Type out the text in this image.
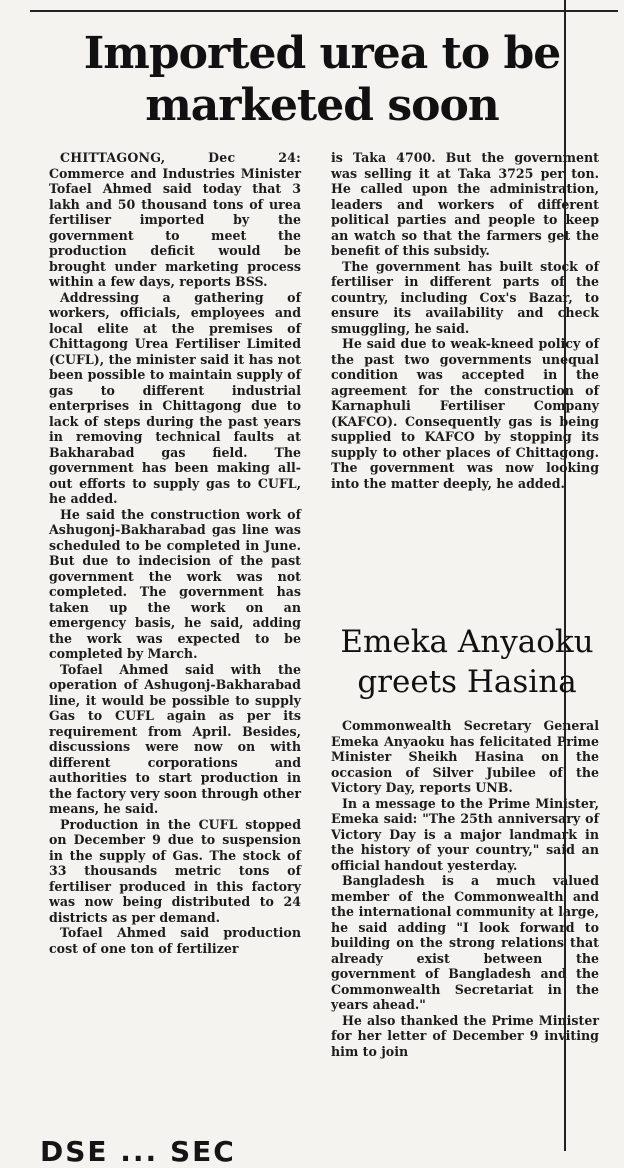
Imported urea to be marketed soon

CHITTAGONG, Dec 24: Commerce and Industries Minister Tofael Ahmed said today that 3 lakh and 50 thousand tons of urea fertiliser imported by the government to meet the production deficit would be brought under marketing process within a few days, reports BSS.

Addressing a gathering of workers, officials, employees and local elite at the premises of Chittagong Urea Fertiliser Limited (CUFL), the minister said it has not been possible to maintain supply of gas to different industrial enterprises in Chittagong due to lack of steps during the past years in removing technical faults at Bakharabad gas field. The government has been making all-out efforts to supply gas to CUFL, he added.

He said the construction work of Ashugonj-Bakharabad gas line was scheduled to be completed in June. But due to indecision of the past government the work was not completed. The government has taken up the work on an emergency basis, he said, adding the work was expected to be completed by March.

Tofael Ahmed said with the operation of Ashugonj-Bakharabad line, it would be possible to supply Gas to CUFL again as per its requirement from April. Besides, discussions were now on with different corporations and authorities to start production in the factory very soon through other means, he said.

Production in the CUFL stopped on December 9 due to suspension in the supply of Gas. The stock of 33 thousands metric tons of fertiliser produced in this factory was now being distributed to 24 districts as per demand.

Tofael Ahmed said production cost of one ton of fertilizer

is Taka 4700. But the government was selling it at Taka 3725 per ton. He called upon the administration, leaders and workers of different political parties and people to keep an watch so that the farmers get the benefit of this subsidy.

The government has built stock of fertiliser in different parts of the country, including Cox's Bazar, to ensure its availability and check smuggling, he said.

He said due to weak-kneed policy of the past two governments unequal condition was accepted in the agreement for the construction of Karnaphuli Fertiliser Company (KAFCO). Consequently gas is being supplied to KAFCO by stopping its supply to other places of Chittagong. The government was now looking into the matter deeply, he added.

Emeka Anyaoku greets Hasina

Commonwealth Secretary General Emeka Anyaoku has felicitated Prime Minister Sheikh Hasina on the occasion of Silver Jubilee of the Victory Day, reports UNB.

In a message to the Prime Minister, Emeka said: "The 25th anniversary of Victory Day is a major landmark in the history of your country," said an official handout yesterday.

Bangladesh is a much valued member of the Commonwealth and the international community at large, he said adding "I look forward to building on the strong relations that already exist between the government of Bangladesh and the Commonwealth Secretariat in the years ahead."

He also thanked the Prime Minister for her letter of December 9 inviting him to join

DSE ... SEC
